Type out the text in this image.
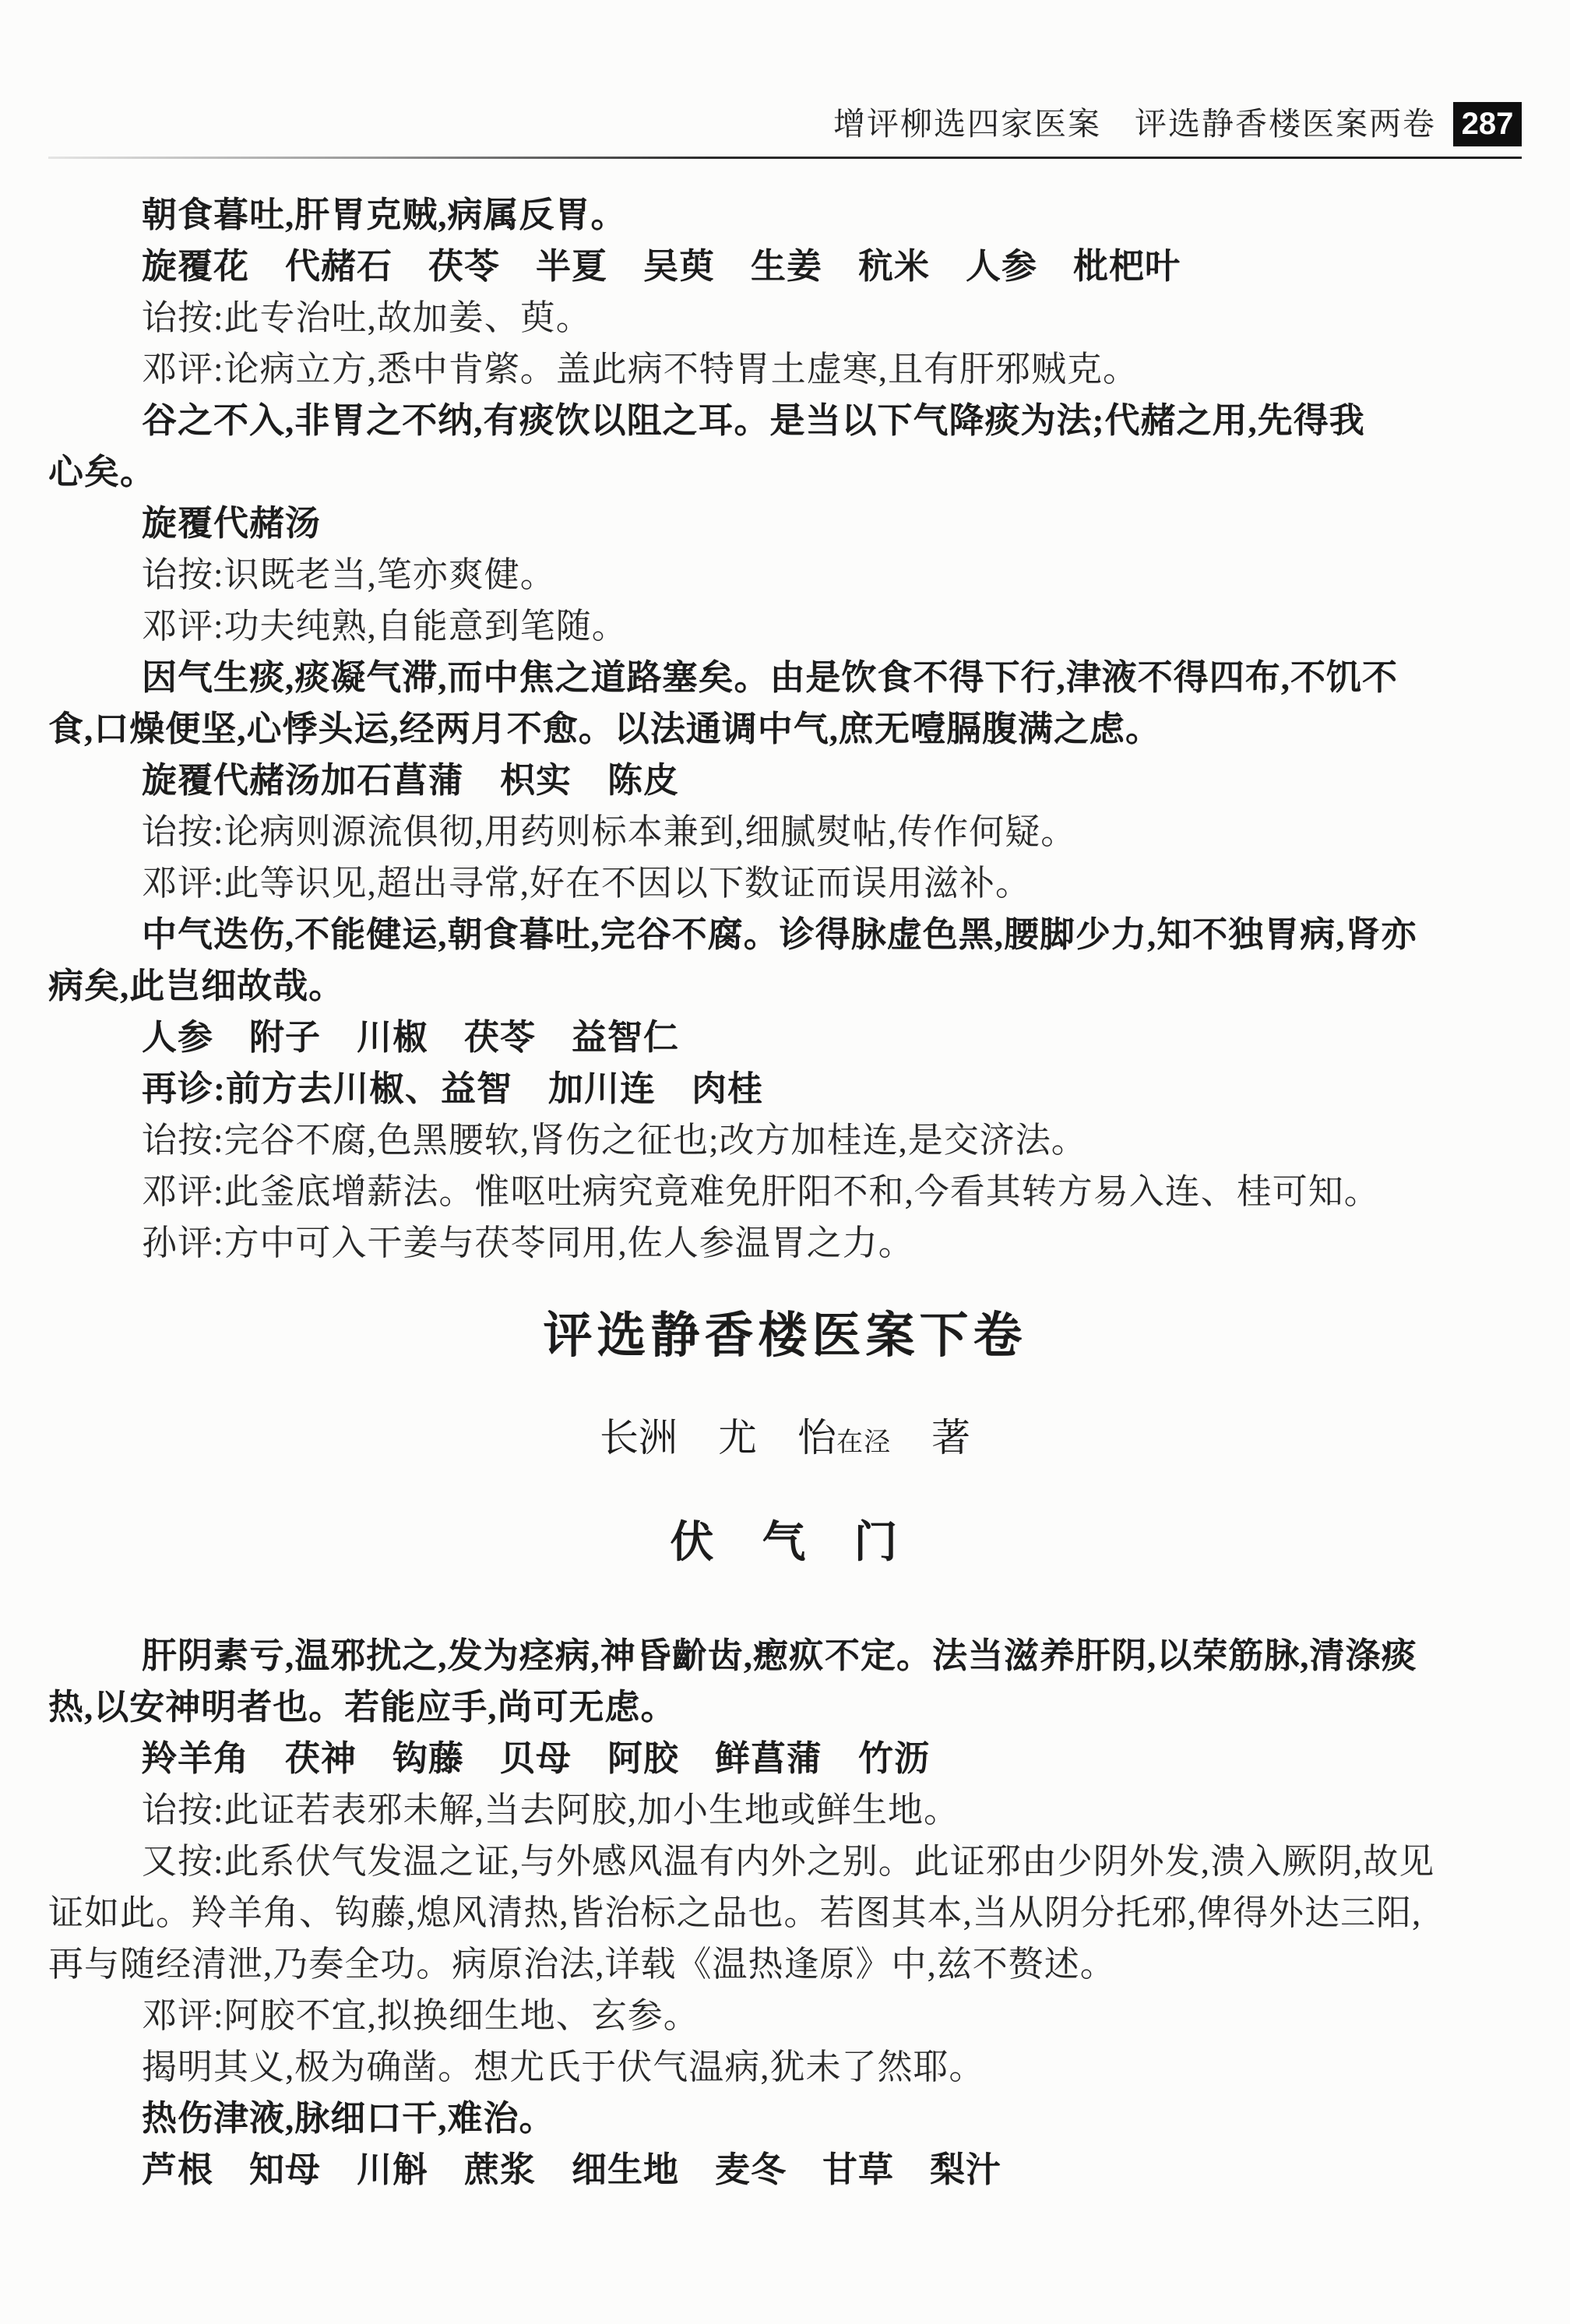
增评柳选四家医案　评选静香楼医案两卷 287

朝食暮吐,肝胃克贼,病属反胃。

旋覆花　代赭石　茯苓　半夏　吴萸　生姜　秔米　人参　枇杷叶

诒按:此专治吐,故加姜、萸。

邓评:论病立方,悉中肯綮。盖此病不特胃土虚寒,且有肝邪贼克。

谷之不入,非胃之不纳,有痰饮以阻之耳。是当以下气降痰为法;代赭之用,先得我

心矣。

旋覆代赭汤

诒按:识既老当,笔亦爽健。

邓评:功夫纯熟,自能意到笔随。

因气生痰,痰凝气滞,而中焦之道路塞矣。由是饮食不得下行,津液不得四布,不饥不

食,口燥便坚,心悸头运,经两月不愈。以法通调中气,庶无噎膈腹满之虑。

旋覆代赭汤加石菖蒲　枳实　陈皮

诒按:论病则源流俱彻,用药则标本兼到,细腻熨帖,传作何疑。

邓评:此等识见,超出寻常,好在不因以下数证而误用滋补。

中气迭伤,不能健运,朝食暮吐,完谷不腐。诊得脉虚色黑,腰脚少力,知不独胃病,肾亦

病矣,此岂细故哉。

人参　附子　川椒　茯苓　益智仁

再诊:前方去川椒、益智　加川连　肉桂

诒按:完谷不腐,色黑腰软,肾伤之征也;改方加桂连,是交济法。

邓评:此釜底增薪法。惟呕吐病究竟难免肝阳不和,今看其转方易入连、桂可知。

孙评:方中可入干姜与茯苓同用,佐人参温胃之力。

评选静香楼医案下卷
长洲 尤 怡在泾 著
伏　气　门

肝阴素亏,温邪扰之,发为痉病,神昏齘齿,瘛疭不定。法当滋养肝阴,以荣筋脉,清涤痰

热,以安神明者也。若能应手,尚可无虑。

羚羊角　茯神　钩藤　贝母　阿胶　鲜菖蒲　竹沥

诒按:此证若表邪未解,当去阿胶,加小生地或鲜生地。

又按:此系伏气发温之证,与外感风温有内外之别。此证邪由少阴外发,溃入厥阴,故见

证如此。羚羊角、钩藤,熄风清热,皆治标之品也。若图其本,当从阴分托邪,俾得外达三阳,

再与随经清泄,乃奏全功。病原治法,详载《温热逢原》中,兹不赘述。

邓评:阿胶不宜,拟换细生地、玄参。

揭明其义,极为确凿。想尤氏于伏气温病,犹未了然耶。

热伤津液,脉细口干,难治。

芦根　知母　川斛　蔗浆　细生地　麦冬　甘草　梨汁
